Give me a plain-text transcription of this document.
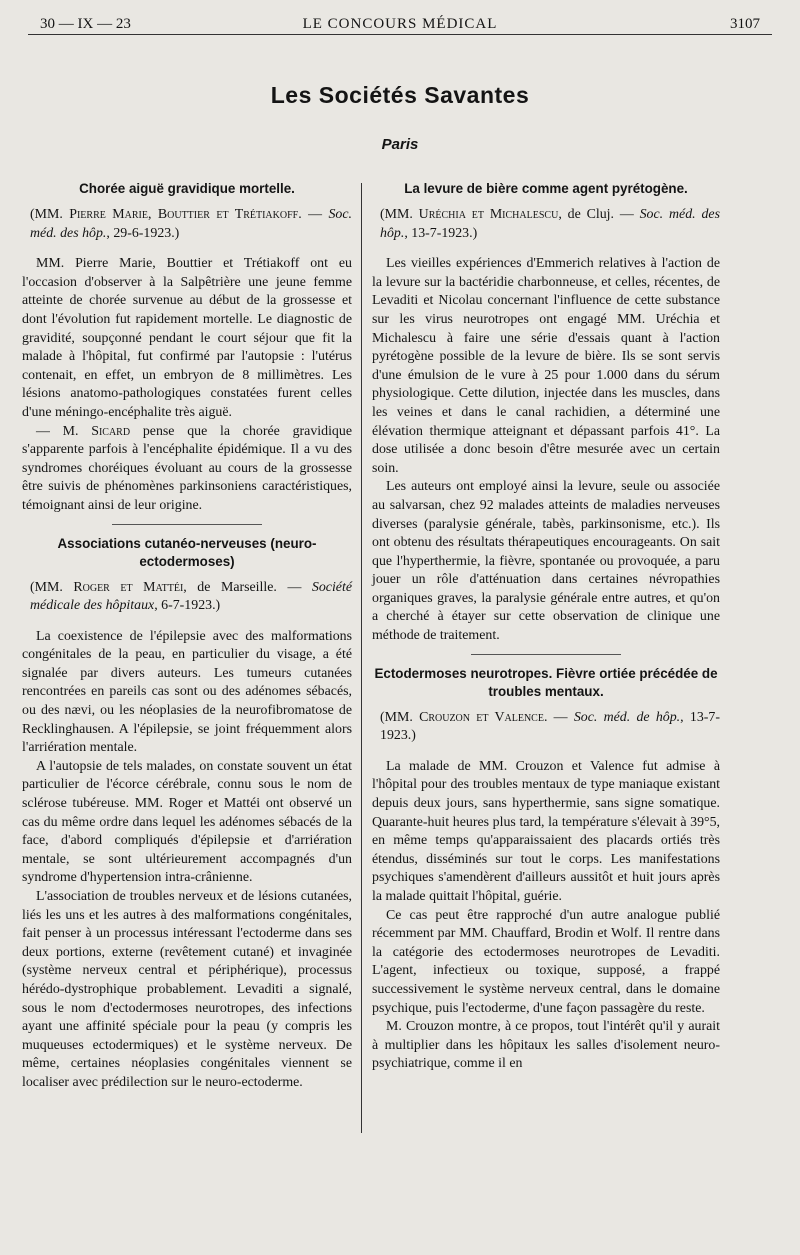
30 — IX — 23	LE CONCOURS MÉDICAL	3107
Les Sociétés Savantes
Paris

Chorée aiguë gravidique mortelle.

(MM. Pierre Marie, Bouttier et Trétiakoff. — Soc. méd. des hôp., 29-6-1923.)

MM. Pierre Marie, Bouttier et Trétiakoff ont eu l'occasion d'observer à la Salpêtrière une jeune femme atteinte de chorée survenue au début de la grossesse et dont l'évolution fut rapidement mortelle. Le diagnostic de gravidité, soupçonné pendant le court séjour que fit la malade à l'hôpital, fut confirmé par l'autopsie : l'utérus contenait, en effet, un embryon de 8 millimètres. Les lésions anatomo-pathologiques constatées furent celles d'une méningo-encéphalite très aiguë.

— M. Sicard pense que la chorée gravidique s'apparente parfois à l'encéphalite épidémique. Il a vu des syndromes choréiques évoluant au cours de la grossesse être suivis de phénomènes parkinsoniens caractéristiques, témoignant ainsi de leur origine.

Associations cutanéo-nerveuses (neuro-ectodermoses)

(MM. Roger et Mattéi, de Marseille. — Société médicale des hôpitaux, 6-7-1923.)

La coexistence de l'épilepsie avec des malformations congénitales de la peau, en particulier du visage, a été signalée par divers auteurs. Les tumeurs cutanées rencontrées en pareils cas sont ou des adénomes sébacés, ou des nævi, ou les néoplasies de la neurofibromatose de Recklinghausen. A l'épilepsie, se joint fréquemment alors l'arriération mentale.

A l'autopsie de tels malades, on constate souvent un état particulier de l'écorce cérébrale, connu sous le nom de sclérose tubéreuse. MM. Roger et Mattéi ont observé un cas du même ordre dans lequel les adénomes sébacés de la face, d'abord compliqués d'épilepsie et d'arriération mentale, se sont ultérieurement accompagnés d'un syndrome d'hypertension intra-crânienne.

L'association de troubles nerveux et de lésions cutanées, liés les uns et les autres à des malformations congénitales, fait penser à un processus intéressant l'ectoderme dans ses deux portions, externe (revêtement cutané) et invaginée (système nerveux central et périphérique), processus hérédo-dystrophique probablement. Levaditi a signalé, sous le nom d'ectodermoses neurotropes, des infections ayant une affinité spéciale pour la peau (y compris les muqueuses ectodermiques) et le système nerveux. De même, certaines néoplasies congénitales viennent se localiser avec prédilection sur le neuro-ectoderme.

La levure de bière comme agent pyrétogène.

(MM. Uréchia et Michalescu, de Cluj. — Soc. méd. des hôp., 13-7-1923.)

Les vieilles expériences d'Emmerich relatives à l'action de la levure sur la bactéridie charbonneuse, et celles, récentes, de Levaditi et Nicolau concernant l'influence de cette substance sur les virus neurotropes ont engagé MM. Uréchia et Michalescu à faire une série d'essais quant à l'action pyrétogène possible de la levure de bière. Ils se sont servis d'une émulsion de le vure à 25 pour 1.000 dans du sérum physiologique. Cette dilution, injectée dans les muscles, dans les veines et dans le canal rachidien, a déterminé une élévation thermique atteignant et dépassant parfois 41°. La dose utilisée a donc besoin d'être mesurée avec un certain soin.

Les auteurs ont employé ainsi la levure, seule ou associée au salvarsan, chez 92 malades atteints de maladies nerveuses diverses (paralysie générale, tabès, parkinsonisme, etc.). Ils ont obtenu des résultats thérapeutiques encourageants. On sait que l'hyperthermie, la fièvre, spontanée ou provoquée, a paru jouer un rôle d'atténuation dans certaines névropathies organiques graves, la paralysie générale entre autres, et qu'on a cherché à étayer sur cette observation de clinique une méthode de traitement.

Ectodermoses neurotropes. Fièvre ortiée précédée de troubles mentaux.

(MM. Crouzon et Valence. — Soc. méd. de hôp., 13-7-1923.)

La malade de MM. Crouzon et Valence fut admise à l'hôpital pour des troubles mentaux de type maniaque existant depuis deux jours, sans hyperthermie, sans signe somatique. Quarante-huit heures plus tard, la température s'élevait à 39°5, en même temps qu'apparaissaient des placards ortiés très étendus, disséminés sur tout le corps. Les manifestations psychiques s'amendèrent d'ailleurs aussitôt et huit jours après la malade quittait l'hôpital, guérie.

Ce cas peut être rapproché d'un autre analogue publié récemment par MM. Chauffard, Brodin et Wolf. Il rentre dans la catégorie des ectodermoses neurotropes de Levaditi. L'agent, infectieux ou toxique, supposé, a frappé successivement le système nerveux central, dans le domaine psychique, puis l'ectoderme, d'une façon passagère du reste.

M. Crouzon montre, à ce propos, tout l'intérêt qu'il y aurait à multiplier dans les hôpitaux les salles d'isolement neuro-psychiatrique, comme il en
